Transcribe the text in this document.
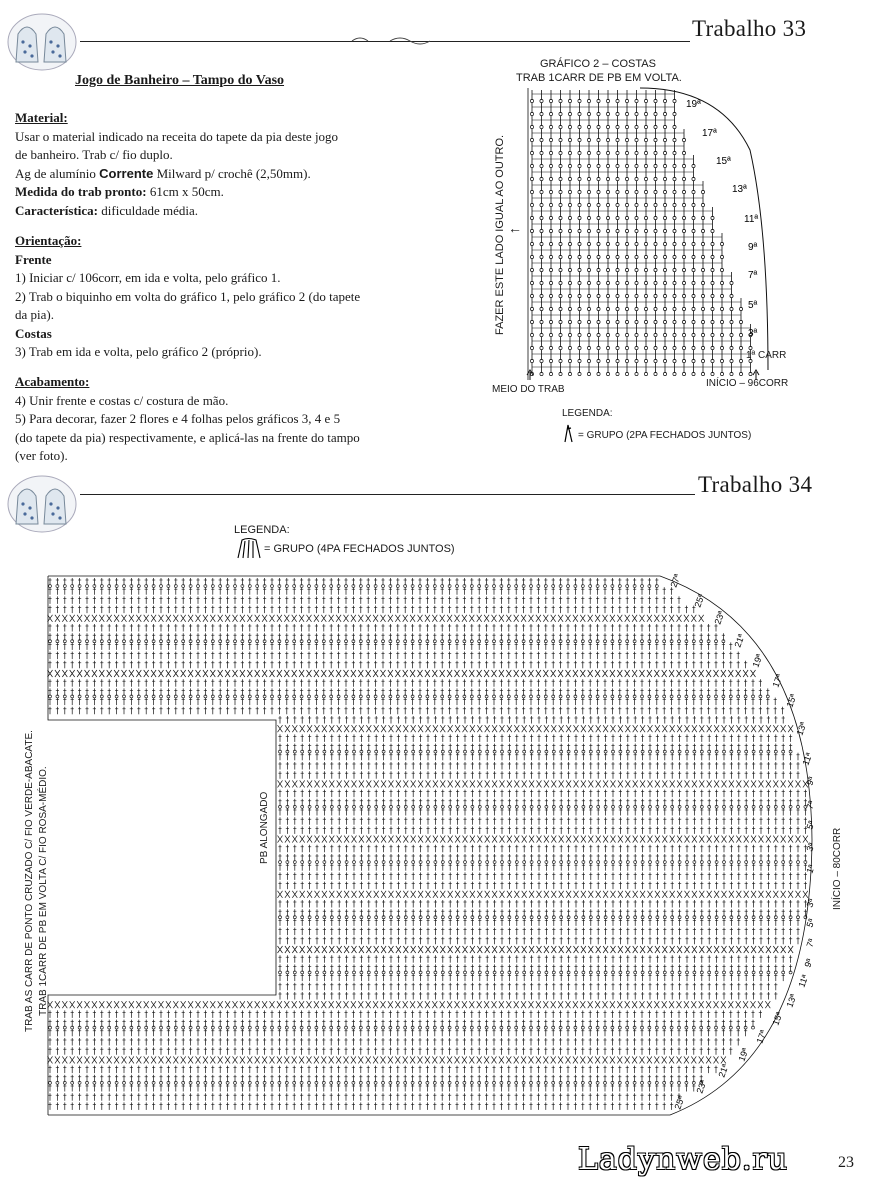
Trabalho 33
Jogo de Banheiro – Tampo do Vaso
Material:
Usar o material indicado na receita do tapete da pia deste jogo
de banheiro. Trab c/ fio duplo.
Ag de alumínio Corrente Milward p/ crochê (2,50mm).
Medida do trab pronto: 61cm x 50cm.
Característica: dificuldade média.
Orientação:
Frente
1) Iniciar c/ 106corr, em ida e volta, pelo gráfico 1.
2) Trab o biquinho em volta do gráfico 1, pelo gráfico 2 (do tapete
da pia).
Costas
3) Trab em ida e volta, pelo gráfico 2 (próprio).
Acabamento:
4) Unir frente e costas c/ costura de mão.
5) Para decorar, fazer 2 flores e 4 folhas pelos gráficos 3, 4 e 5
(do tapete da pia) respectivamente, e aplicá-las na frente do tampo
(ver foto).
GRÁFICO 2 – COSTAS
TRAB 1CARR DE PB EM VOLTA.
FAZER ESTE LADO IGUAL AO OUTRO. ←
19ª
17ª
15ª
13ª
11ª
9ª
7ª
5ª
3ª
1ª CARR
MEIO DO TRAB
INÍCIO – 96CORR
LEGENDA:
= GRUPO (2PA FECHADOS JUNTOS)
Trabalho 34
LEGENDA:
= GRUPO (4PA FECHADOS JUNTOS)
27ª
25ª
23ª
21ª
19ª
17ª
15ª
13ª
11ª
9ª
7ª
5ª
3ª
1ª
3ª
5ª
7ª
9ª
11ª
13ª
15ª
17ª
19ª
21ª
23ª
25ª
TRAB AS CARR DE PONTO CRUZADO C/ FIO VERDE-ABACATE. TRAB 1CARR DE PB EM VOLTA C/ FIO ROSA-MÉDIO.	PB ALONGADO	INÍCIO – 80CORR
Ladynweb.ru	23
